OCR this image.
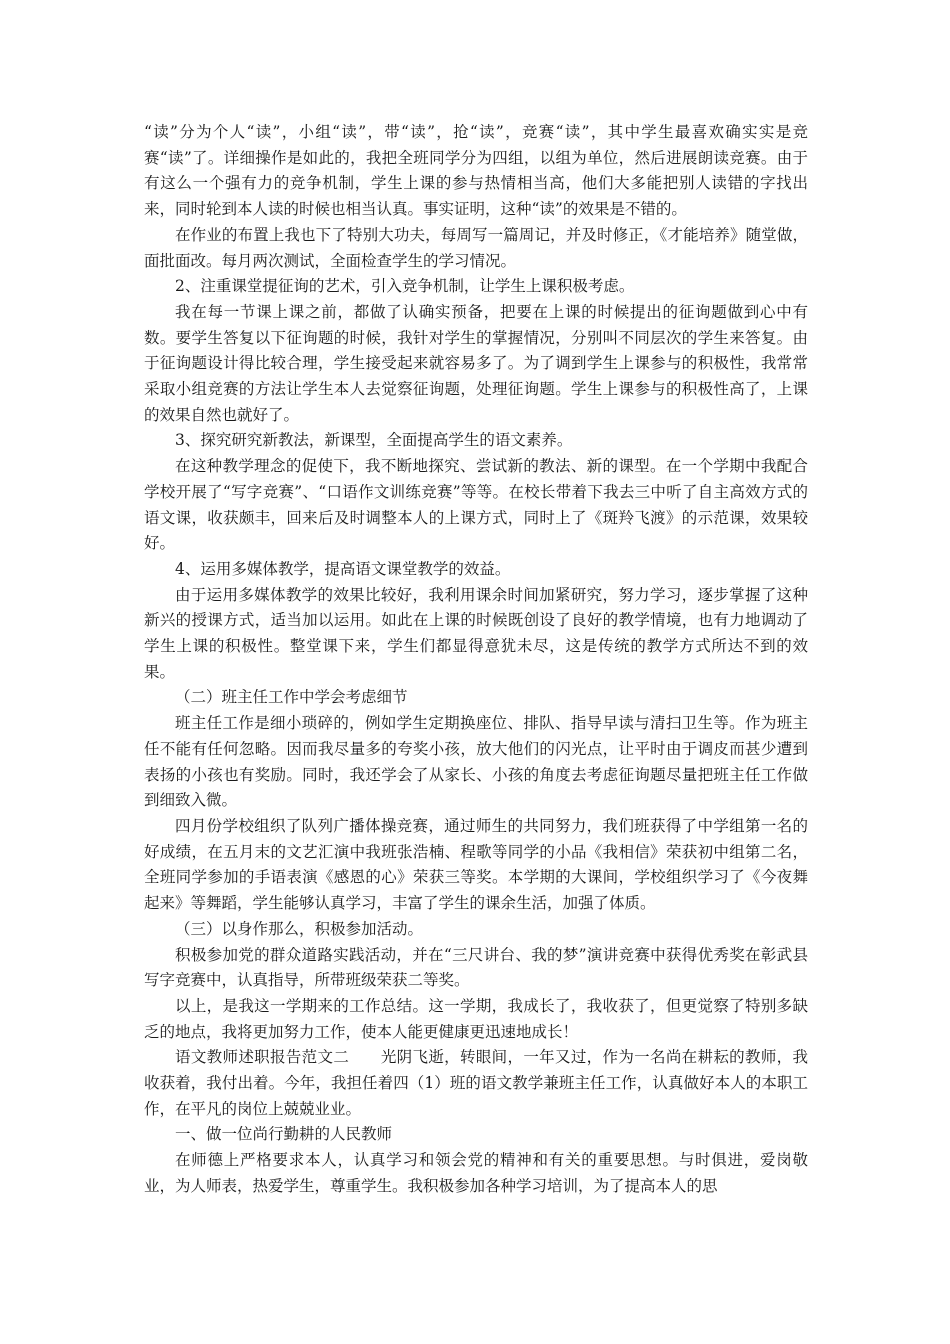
“读”分为个人“读”，小组“读”，带“读”，抢“读”，竞赛“读”，其中学生最喜欢确实实是竞赛“读”了。详细操作是如此的，我把全班同学分为四组，以组为单位，然后进展朗读竞赛。由于有这么一个强有力的竞争机制，学生上课的参与热情相当高，他们大多能把别人读错的字找出来，同时轮到本人读的时候也相当认真。事实证明，这种“读”的效果是不错的。

在作业的布置上我也下了特别大功夫，每周写一篇周记，并及时修正，《才能培养》随堂做，面批面改。每月两次测试，全面检查学生的学习情况。

2、注重课堂提征询的艺术，引入竞争机制，让学生上课积极考虑。

我在每一节课上课之前，都做了认确实预备，把要在上课的时候提出的征询题做到心中有数。要学生答复以下征询题的时候，我针对学生的掌握情况，分别叫不同层次的学生来答复。由于征询题设计得比较合理，学生接受起来就容易多了。为了调到学生上课参与的积极性，我常常采取小组竞赛的方法让学生本人去觉察征询题，处理征询题。学生上课参与的积极性高了，上课的效果自然也就好了。

3、探究研究新教法，新课型，全面提高学生的语文素养。

在这种教学理念的促使下，我不断地探究、尝试新的教法、新的课型。在一个学期中我配合学校开展了“写字竞赛”、“口语作文训练竞赛”等等。在校长带着下我去三中听了自主高效方式的语文课，收获颇丰，回来后及时调整本人的上课方式，同时上了《斑羚飞渡》的示范课，效果较好。

4、运用多媒体教学，提高语文课堂教学的效益。

由于运用多媒体教学的效果比较好，我利用课余时间加紧研究，努力学习，逐步掌握了这种新兴的授课方式，适当加以运用。如此在上课的时候既创设了良好的教学情境，也有力地调动了学生上课的积极性。整堂课下来，学生们都显得意犹未尽，这是传统的教学方式所达不到的效果。

（二）班主任工作中学会考虑细节

班主任工作是细小琐碎的，例如学生定期换座位、排队、指导早读与清扫卫生等。作为班主任不能有任何忽略。因而我尽量多的夸奖小孩，放大他们的闪光点，让平时由于调皮而甚少遭到表扬的小孩也有奖励。同时，我还学会了从家长、小孩的角度去考虑征询题尽量把班主任工作做到细致入微。

四月份学校组织了队列广播体操竞赛，通过师生的共同努力，我们班获得了中学组第一名的好成绩，在五月末的文艺汇演中我班张浩楠、程歌等同学的小品《我相信》荣获初中组第二名，全班同学参加的手语表演《感恩的心》荣获三等奖。本学期的大课间，学校组织学习了《今夜舞起来》等舞蹈，学生能够认真学习，丰富了学生的课余生活，加强了体质。

（三）以身作那么，积极参加活动。

积极参加党的群众道路实践活动，并在“三尺讲台、我的梦”演讲竞赛中获得优秀奖在彰武县写字竞赛中，认真指导，所带班级荣获二等奖。

以上，是我这一学期来的工作总结。这一学期，我成长了，我收获了，但更觉察了特别多缺乏的地点，我将更加努力工作，使本人能更健康更迅速地成长！

语文教师述职报告范文二　　光阴飞逝，转眼间，一年又过，作为一名尚在耕耘的教师，我收获着，我付出着。今年，我担任着四（1）班的语文教学兼班主任工作，认真做好本人的本职工作，在平凡的岗位上兢兢业业。

一、做一位尚行勤耕的人民教师

在师德上严格要求本人，认真学习和领会党的精神和有关的重要思想。与时俱进，爱岗敬业，为人师表，热爱学生，尊重学生。我积极参加各种学习培训，为了提高本人的思
